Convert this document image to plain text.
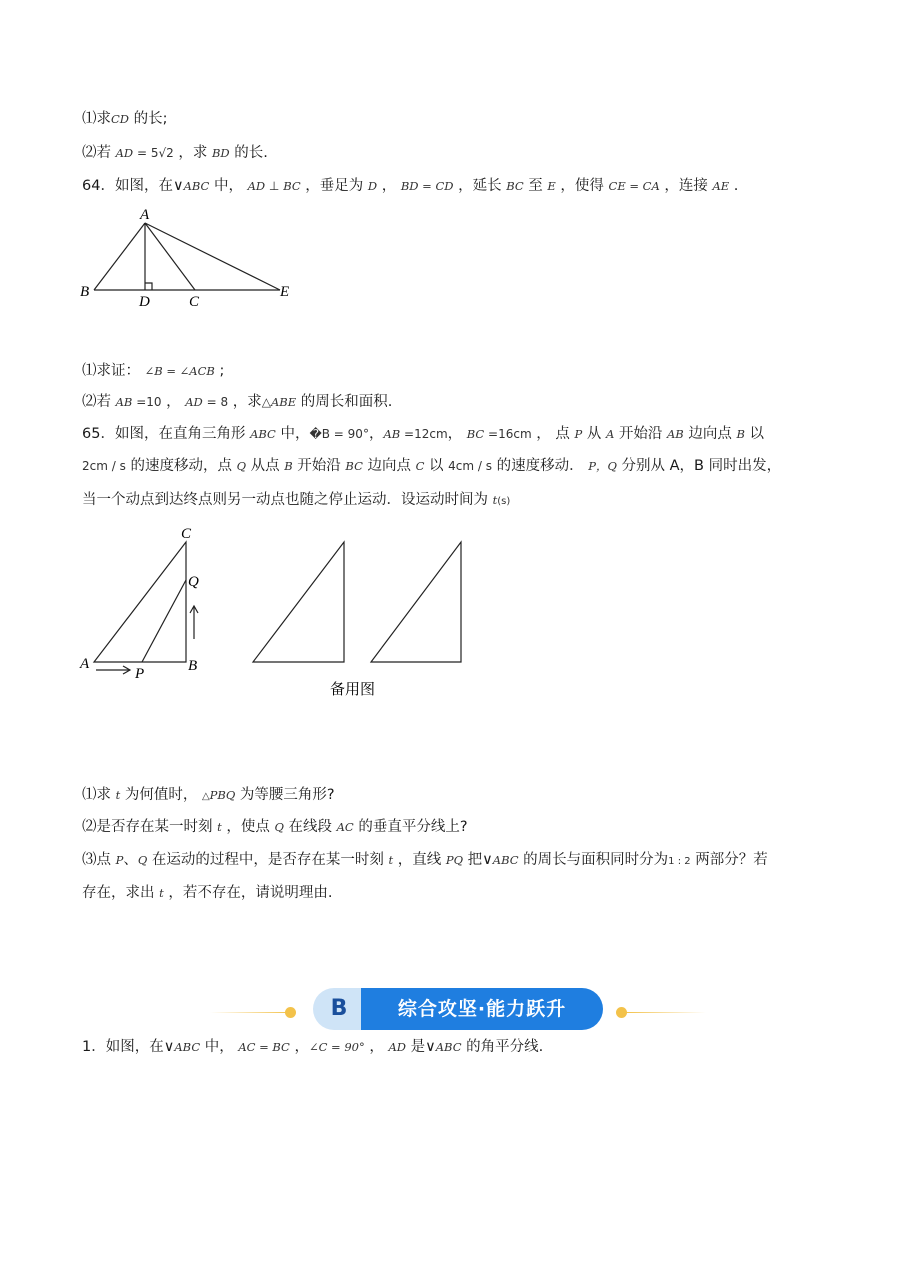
⑴求CD 的长;
⑵若 AD = 5√2 ，求 BD 的长.
64．如图，在∨ABC 中， AD ⊥ BC ，垂足为 D ， BD = CD ，延长 BC 至 E ，使得 CE = CA ，连接 AE .
A
B
D	C
E
⑴求证： ∠B = ∠ACB ;
⑵若 AB =10 ， AD = 8 ，求△ABE 的周长和面积.
65．如图，在直角三角形 ABC 中，�B = 90°，AB =12cm， BC =16cm ， 点 P 从 A 开始沿 AB 边向点 B 以
2cm / s 的速度移动，点 Q 从点 B 开始沿 BC 边向点 C 以 4cm / s 的速度移动． P，Q 分别从 A，B 同时出发，
当一个动点到达终点则另一动点也随之停止运动．设运动时间为 t(s)
C
Q
A
P	B
备用图
⑴求 t 为何值时， △PBQ 为等腰三角形?
⑵是否存在某一时刻 t ，使点 Q 在线段 AC 的垂直平分线上?
⑶点 P、Q 在运动的过程中，是否存在某一时刻 t ，直线 PQ 把∨ABC 的周长与面积同时分为1 : 2 两部分？若
存在，求出 t ，若不存在，请说明理由.
B	综合攻坚·能力跃升
1．如图，在∨ABC 中， AC = BC ，∠C = 90° ， AD 是∨ABC 的角平分线.
